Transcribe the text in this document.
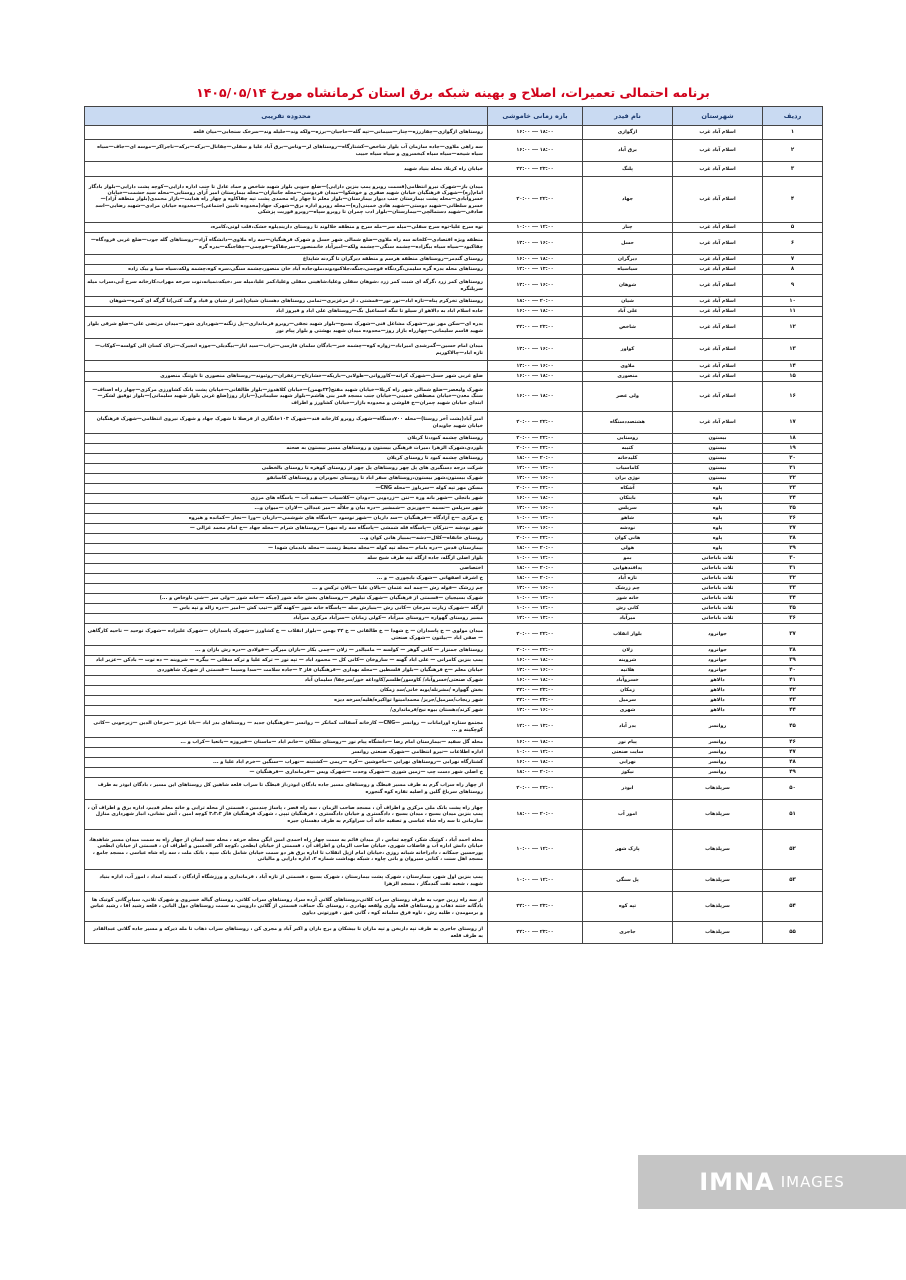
برنامه احتمالی تعمیرات، اصلاح و بهینه شبکه برق استان کرمانشاه مورخ ۱۴۰۵/۰۵/۱۴
ردیف	شهرستان	نام فیدر	بازه زمانی خاموشی	محدوده تقریبی
۱	اسلام آباد غرب	ازگوازی	۱۸:۰۰ --- ۱۶:۰۰	روستاهای ازگوازی—چقاررزه—چنار—سیمانی—تپه گله—حاجیان—برزه—ولکه وند—حلیله وند—سرخک سنجابی—میان قلعه
۲	اسلام آباد غرب	برق آباد	۱۸:۰۰ --- ۱۶:۰۰	سه راهی ملاوی—جاده سازمان آب بلوار شاخص—کشتارگاه—روستاهای لر—وناس—برق آباد علیا و سفلی—چقانال—برکه—برکه—ناجراکر—موسه ای—جاف—سیاه سیاه شیخه—سیاه سیاه کبخسروی و سیاه سیاه حبیب
۳	اسلام آباد غرب	پلنگ	۲۴:۰۰ --- ۲۲:۰۰	خیابان راه کربلا، محله بنیاد شهید
۴	اسلام آباد غرب	جهاد	۲۲:۰۰ --- ۲۰:۰۰	میدان باز—شهرک نیرو انتظامی(قسمت روبرو پمپ بنزین دارایی)—ضلع جنوبی بلوار شهید شاخص و حماد عادل تا جنب اداره دارایی—کوچه پشت دارایی—بلوار بادگار امام(ره)—شهرک فرهنگیان خیابان شهید صفری و خوشکوا—میدان فردوسی—محله جانبازان—محله بیمارستان امیر آرای روستایی—محله سید حشمت—خیابان خسروآبادی—محله پشت بیمارستان جنب دیوار بیمارستان—بلوار معلم تا چهار راه محمدی پشت تپه چقاکاوه و چهار راه هدایت—بازار محمدی(بلوار منطقه آزاد)—خسرو سلطانی—شهید دوستی—شهید هادی خمینی(ره)—محله روبرو اداره برق—شهرک جهاد(محدوده تامین اجتماعی)—محدوده خیابان مرادی—شهید رضایی—اسد صادقی—شهید دستمالچی—بیمارستان—بلوار ادب چمران تا روبرو سپاه—روبرو فوریت پزشکی
۵	اسلام آباد غرب	چنار	۱۲:۰۰ --- ۱۰:۰۰	توه سرخ علیا-توه سرخ سفلی—میله سر—مله سرخ و منطقه خلالوند تا روستای داریندیلوه خشک،قلب لوتی،کامره،
۶	اسلام آباد غرب	حسل	۱۶:۰۰ --- ۱۴:۰۰	منطقه ویژه اقتصادی—کلخانه سه راه ملاوی—ضلع شمالی شهر حسل و شهرک فرهنگیان—سه راه ملاوی—دانشگاه آزاد—روستاهای گله جوب—ضلع غربی فرودگاه—چقاکبود—سیاه سیاه بیگزاده—چشمه سنگی—چشمه ولکه—امیرآباد خانمنصور—سرچقاکو—قوچمی—چقاجنگه—بدره گره
۷	اسلام آباد غرب	دیرگران	۱۸:۰۰ --- ۱۶:۰۰	روستای گندمر—روستاهای منطقه هرسم و منطقه دیرگران تا گردنه شاپذاغ
۸	اسلام آباد غرب	سیاسیاه	۱۴:۰۰ --- ۱۲:۰۰	روستاهای محله بدره گره سلیمی،گردنگاه قوچمی،جنگه،جلاکبودوند،ملو،جاده آباد خان منصور،چشمه سنگی،سره کوه،چشمه ولکه،سیاه سیا و بیک زاده
۹	اسلام آباد غرب	شوهان	۱۶:۰۰ --- ۱۴:۰۰	روستاهای کمر زرد ،گرگه ای شبت کمر زرد ،شوهان سفلی وعلیا،شاهینی سفلی وعلیا،کمر علیا،میله سر ،خیکه،نمیانه،توت سرخه مهراب،کارخانه سرخ آبی،سراب میله سرپلنگره
۱۰	اسلام آباد غرب	شیان	۲۰:۰۰ --- ۱۸:۰۰	روستاهای تخرکرم پناه—تازه اباد—نور نور—قمشتی ، از مرغزیری—تمامی روستاهای دهستان شیان(غیر از شیان و قباد و گت کتی)تا گرگه ای کمره—شوهان
۱۱	اسلام آباد غرب	علی آباد	۱۸:۰۰ --- ۱۶:۰۰	جاده اسلام اباد به دالاهو از سیلو تا تنگه اسماعیل بگ—روستاهای علی اباد و فیروز اباد
۱۲	اسلام آباد غرب	شاخص	۲۴:۰۰ --- ۲۲:۰۰	بدره ای—سکن مهر نور—شهرک مشاغل قنی—شهرک بسیج—بلوار شهید نجفی—روبرو فرمانداری—پل زنگنه—شهرداری شهر—میدان مرتضی علی—ضلع شرقی بلوار شهید قاسم سلیمانی—چهارراه بازار روز—محدوده میدان شهید بهشتی و بلوار پیام نور
۱۳	اسلام آباد غرب	کواور	۱۶:۰۰ --- ۱۴:۰۰	میدان امام حسین—گمرشدی امیراباد—زواره کوه—چشمه خبر—بادگان سلمان فارسی—تراب—سید اباز—بیگدیلی—جوزه انجیرک—تراک کسان الی کولسه—کوکاب—تازه اباد—چالاکوریم
۱۴	اسلام آباد غرب	ملاوی	۱۶:۰۰ --- ۱۴:۰۰	
۱۵	اسلام آباد غرب	منصوری	۱۸:۰۰ --- ۱۶:۰۰	ضلع غربی شهر حسل—شهرک کرانه—کاوروانی—طولابی—باریکه—خشارتاج—زعفران—روئبوند—روستاهای منصوری تا تاوتنگ منصوری
۱۶	اسلام آباد غرب	ولی عصر	۱۸:۰۰ --- ۱۶:۰۰	شهرک ولیعصر—ضلع شمالی شهر راه کربلا—خیابان شهید مفتح(۲۲بهمن)—خیابان کلاهدوز—بلوار طالقانی—خیابان پشت بانک کشاورزی مرکزی—چهار راه اصناف—سنگ معدن—خیابان مصطفی خمینی—خیابان جنب مسجد قمر بنی هاشم—بلوار شهید سلیمانی(—بازار روز(ضلع غربی بلوار شهید سلیمانی)—بلوار توفیق لشکر—ابتدای خیابان شهید چمران—خ قلوشی و محدوده بازار—خیابان کشاورز و اطراف
۱۷	اسلام آباد غرب	هشتصددستگاه	۲۲:۰۰ --- ۲۰:۰۰	امیر آباد(پشت آخر روستا)—محله ۷۰۰دستگاه—شهرک روبرو کارخانه قند—شهرک ۱۰۳خانگاری از فرصلا تا شهرک جهاد و شهرک نیروی انتظامی—شهرک فرهنگیان خیابان شهید جاویدان
۱۸	بیستون	روستایی	۲۲:۰۰ --- ۲۰:۰۰	روستاهای چشمه کبود،تا کربلان
۱۹	بیستون	کتیبه	۲۲:۰۰ --- ۲۰:۰۰	بلوردی،شهرک الزهرا ،میراث فرهنگی بیستون و روستاهای مسیر بیستون به صحنه
۲۰	بیستون	کلیدخانه	۲۰:۰۰ --- ۱۸:۰۰	روستاهای چشمه کبود تا روستای کربلان
۲۱	بیستون	کاماسیاب	۱۴:۰۰ --- ۱۲:۰۰	شرکت درجه دسنگبری های پل چهر روستاهای پل چهر از روستای کوهره تا روستای بالخطبی
۲۲	بیستون	نوژی بران	۱۶:۰۰ --- ۱۴:۰۰	شهرک بیستون،شهر بیستون،روستاهای سفر اباد تا روستای نجوبران و روستاهای کاسانفو
۲۳	پاوه	آشکاه	۲۲:۰۰ --- ۲۰:۰۰	مسکن مهر تپه کوله —سرباوز —محله CNG—
۲۴	پاوه	بابتکان	۱۸:۰۰ --- ۱۶:۰۰	شهر بانجلی —شهر بانه ورة —تنن —زردویی —دودان —کلاسیاب —سفید آب — پاسگاه های مرزی
۲۵	پاوه	سربلس	۱۶:۰۰ --- ۱۴:۰۰	شهر سرپلس —نسمه —جوریزی —شمشیر —دره بیان و جلالّه —میر عبدالی —لاران —میوان و...
۲۶	پاوه	شاهو	۱۲:۰۰ --- ۱۰:۰۰	خ مرکزی —خ آزادگاه —فرهنگیان —سد داریان —شهر نوسود —پاسگاه های شوشمی—داریان —ورا —نجار —کمانده و هیروه
۲۷	پاوه	نودشه	۱۶:۰۰ --- ۱۴:۰۰	شهر نودشه —نترکان —پاسگاه قله شمشی —پاسگاه سه راه نبهرا —روستاهای شرام —محله جهاد —خ امام محمد غزالی —
۲۸	پاوه	هانی کوان	۲۲:۰۰ --- ۲۰:۰۰	روستای خانقاه—کلال—دشه—بمبیاز هانی کوان و...
۲۹	پاوه	هولی	۲۰:۰۰ --- ۱۸:۰۰	بیمارستان قدس —دره بامام —محله تپه کوله —محله محیط زیست —محله باندمان شهدا —
۳۰	ثلاث باباجانی	بمو	۱۲:۰۰ --- ۱۰:۰۰	بلوار اصلی ازگله، جاده ازگله تپه طرف شیخ سله
۳۱	ثلاث باباجانی	پدافندهوایی	۲۰:۰۰ --- ۱۸:۰۰	اختصاصی
۳۲	ثلاث باباجانی	تازه آباد	۲۰:۰۰ --- ۱۸:۰۰	خ اشرف اصفهانی —شهرک بابچوری — و ...
۳۳	ثلاث باباجانی	چم زرشک	۱۶:۰۰ --- ۱۴:۰۰	چم زرشک —قوله رش —چمه امه عثمان —بالان علیا —بالان ترکس و ...
۳۴	ثلاث باباجانی	خانه شور	۱۲:۰۰ --- ۱۰:۰۰	شهرک بسیجیان —قسمتی از فرهنگیان —شهرک نیلوفر —روستاهای بخش خانه شور (جیکه —خانه شور —ولی سر —شی ناوخاص و ...)
۳۵	ثلاث باباجانی	کانی رش	۱۲:۰۰ --- ۱۰:۰۰	ازگله —شهرک زیارت نمرخان —کانی رش —بنبارش سله —پاسگاه خانه شور —کهنه گلو —تیپ کش —امیر —دره زاله و تپه یاس —
۳۶	ثلاث باباجانی	میرآباد	۱۴:۰۰ --- ۱۲:۰۰	مسیر روستای گهواره —روستای میرآباد —کولی زمانان —سرآباد مرکزی میرآباد
۳۷	جوانرود	بلوار انقلاب	۲۲:۰۰ --- ۲۰:۰۰	میدان مولوی — خ پاسداران — خ شهدا — خ طالقانی — خ ۲۲ بهمن —بلوار انقلاب — خ کشاورز —شهرک پاسداران —شهرک علیزاده —شهرک توحید — ناحیه کارگاهی — صفی اباد —بیلتون —شهرک صنعتی
۳۸	جوانرود	زلان	۲۲:۰۰ --- ۲۰:۰۰	روستاهای جمنزار — کانی گوهر — کولسه — مامبالدر — زلان —چمی بکار —بازان میرگی —فولادی —دره رش بازان و ...
۳۹	جوانرود	شروینه	۱۸:۰۰ --- ۱۶:۰۰	پمپ بنزین کامرانی — علی اباد گهنه — ساروخان —کانی کل — محمود اباد — تپه نور — ترکه علیا و ترکه سفلی — بیگره — شروینه — ده توت — بادکن —عزیر اباد
۴۰	جوانرود	هلانیه	۱۶:۰۰ --- ۱۴:۰۰	خیابان معلم —خ فرهنگیان —بلوار فلسطین —محله بهداری —فرهنگیان فاز ۴ —جاده سلامت —سدا وسیما —قسمتی از شهرک شاهوردی
۴۱	دالاهو	خسروآباد	۱۸:۰۰ --- ۱۶:۰۰	شهرک صنعتی/خسروآباد/ کاوسور/طلسم/کاوداغه خور/سرچقا/ سلیمان آباد
۴۲	دالاهو	زمکان	۲۴:۰۰ --- ۲۲:۰۰	بخش گهواره /مشرنله/بوبه خانی/سد زمکان
۴۳	دالاهو	سرمیل	۲۴:۰۰ --- ۲۲:۰۰	شهر ریجاب/سرمیل/جریز/ محمدامینوا تواکیره/هلیه/سرخه دیزه
۴۴	دالاهو	شهری	۱۶:۰۰ --- ۱۴:۰۰	شهر کرند/دهستان بیوه نیخ/فرمانداری/
۴۵	روانسر	بدر آباد	۱۴:۰۰ --- ۱۲:۰۰	مجتمع ستاره اورامانات — روانسر —CNG— کارخانه آسفالت کمانکر — روانسر —فرهنگیان جدید — روستاهای بدر اباد —بابا عزیز —مرخان الدین —زیرجوبی —کانی کوچکینه و ...
۴۶	روانسر	پیام نور	۱۸:۰۰ --- ۱۶:۰۰	محله گل سفید —بیمارستان امام رضا —دانشگاه پیام نور —روستای سلکان —خانم اباد —ماسنان —قیروزه —باتعیا —کراب و ...
۴۷	روانسر	سایت صنعتی	۱۲:۰۰ --- ۱۰:۰۰	اداره اطلاعات —نیرو انتظامی —شهرک صنعتی روانسر
۴۸	روانسر	نهرابی	۱۸:۰۰ --- ۱۶:۰۰	کشتارگاه نهرابی —روستاهای نهرابی —ماخوشین —کره —ریمی —کشتینه —نهراب —سنگین —خرم اباد علیا و ...
۴۹	روانسر	نیکوز	۲۰:۰۰ --- ۱۸:۰۰	خ اصلی شهر دست چپ —زمین شوری —شهرک وحدت —شهرک ویس —فرمانداری —فرهنگیان —
۵۰	سرپلذهاب	ابوذر	۲۲:۰۰ --- ۲۰:۰۰	از چهار راه سراب گرم به طرف مسیر قبطگ و روستاهای مسیر جاده بادگان ابوذر،از قبطگ تا سراب قلعه شاهین کل روستاهای این مسیر ، بادگان ابوذر به طرف روستاهای سرباغ گلین و اصلیه تفاره کوه گنجوره
۵۱	سرپلذهاب	امور آب	۲۰:۰۰ --- ۱۸:۰۰	چهار راه پشت بانک ملی مرکزی و اطراف آن ، مسجد صاحب الزمان ، سه راه قصر ، پاساژ چندمین ، قسمتی از محله ترابی و خانه معلم قدیم، اداره برق و اطراف آن ، پمپ بنزین میدان بسیج ، میدان بسیج ، دادگستری و خیابان دادگستری ، فرهنگیان تیپی ، شهرک فرهنگیان فاز ۳،۳،۳ کوچه امین ، آتش نشانی، انبار شهرداری منازل سازمانی تا سه راه شاه عباسی و تصفیه خانه آب سراوکرم به طرف دهستان جیره
۵۲	سرپلذهاب	پارک شهر	۱۲:۰۰ --- ۱۰:۰۰	محله احمد آباد ، کوتیک شکر، کوچه تماس ، از میدان قائم به سمت چهار راه احمدی امین ایگن محله حرعه ، محله سید ایمان از چهار راه به سمت میدان مسیر شاهدها، خیابان دانش اداره آب و فاضلاب شهری، خیابان صاحب الزمان و اطراف آن ، قسمتی از خیابان ابطحی ،کوچه اکبر الحسین و اطراف آن ، قسمتی از خیابان ابطحی پورحسین جمکانه ، دادراخانه شبانه روزی ،خیابان امام ازپل انقلاب تا اداره برق هر دو سمت خیابان شامل بانک سپه ، بانک ملت ، سه راه شاه عباسی ، مسجد جامع ، مسجد اهل سنت ، کتابی سیروان و بانی چاوه ، شبکه بهداشت شماره ۲، اداره دارایی و مالیاتی
۵۳	سرپلذهاب	پل سنگی	۱۲:۰۰ --- ۱۰:۰۰	پمپ بنزین اول شهر، بیمارستان ، شهرک پشت بیمارستان ، شهرک بسیج ، قسمتی از تازه آباد ، فرمانداری و ورزشگاه آزادگان ، کمیته امداد ، امور آب، اداره بنیاد شهید ، شعبه تفت گندمگار ، مسجد الزهرا
۵۴	سرپلذهاب	تپه کوه	۲۴:۰۰ --- ۲۲:۰۰	از سه راه زرین جوب به طرف روستای سراب کلاتی،روستاهای گلانی آرده سرا، روستاهای سراب کلاتی، روستای گیاله خسروی و شهرک تلانی، سیابرگانی کوتیک ها بادگانه ختنه ذهاب و روستاهای قلعه واری ولقعه بهادری ، روستای نگ حماف، قسمتی از گلانی داروینی به سمت روستاهای دول البانی ، قلعه رشید آقا ، رشید عباس و برسومدن ، طلبه رش ، ناوه فرق سلمانه کوه ، گانی فیق ، قورتونی دیاوی
۵۵	سرپلذهاب	جاجری	۲۴:۰۰ --- ۲۲:۰۰	از روستای جاجری به طرف تپه داربخن و تپه ماران تا بیشکان و برج باران و اکبر آباد و مجری کن ، روستاهای سراب ذهاب تا مله ذیرکه و مسیر جاده گلانی عبدالقادر به طرف قلعه
IMNA IMAGES
